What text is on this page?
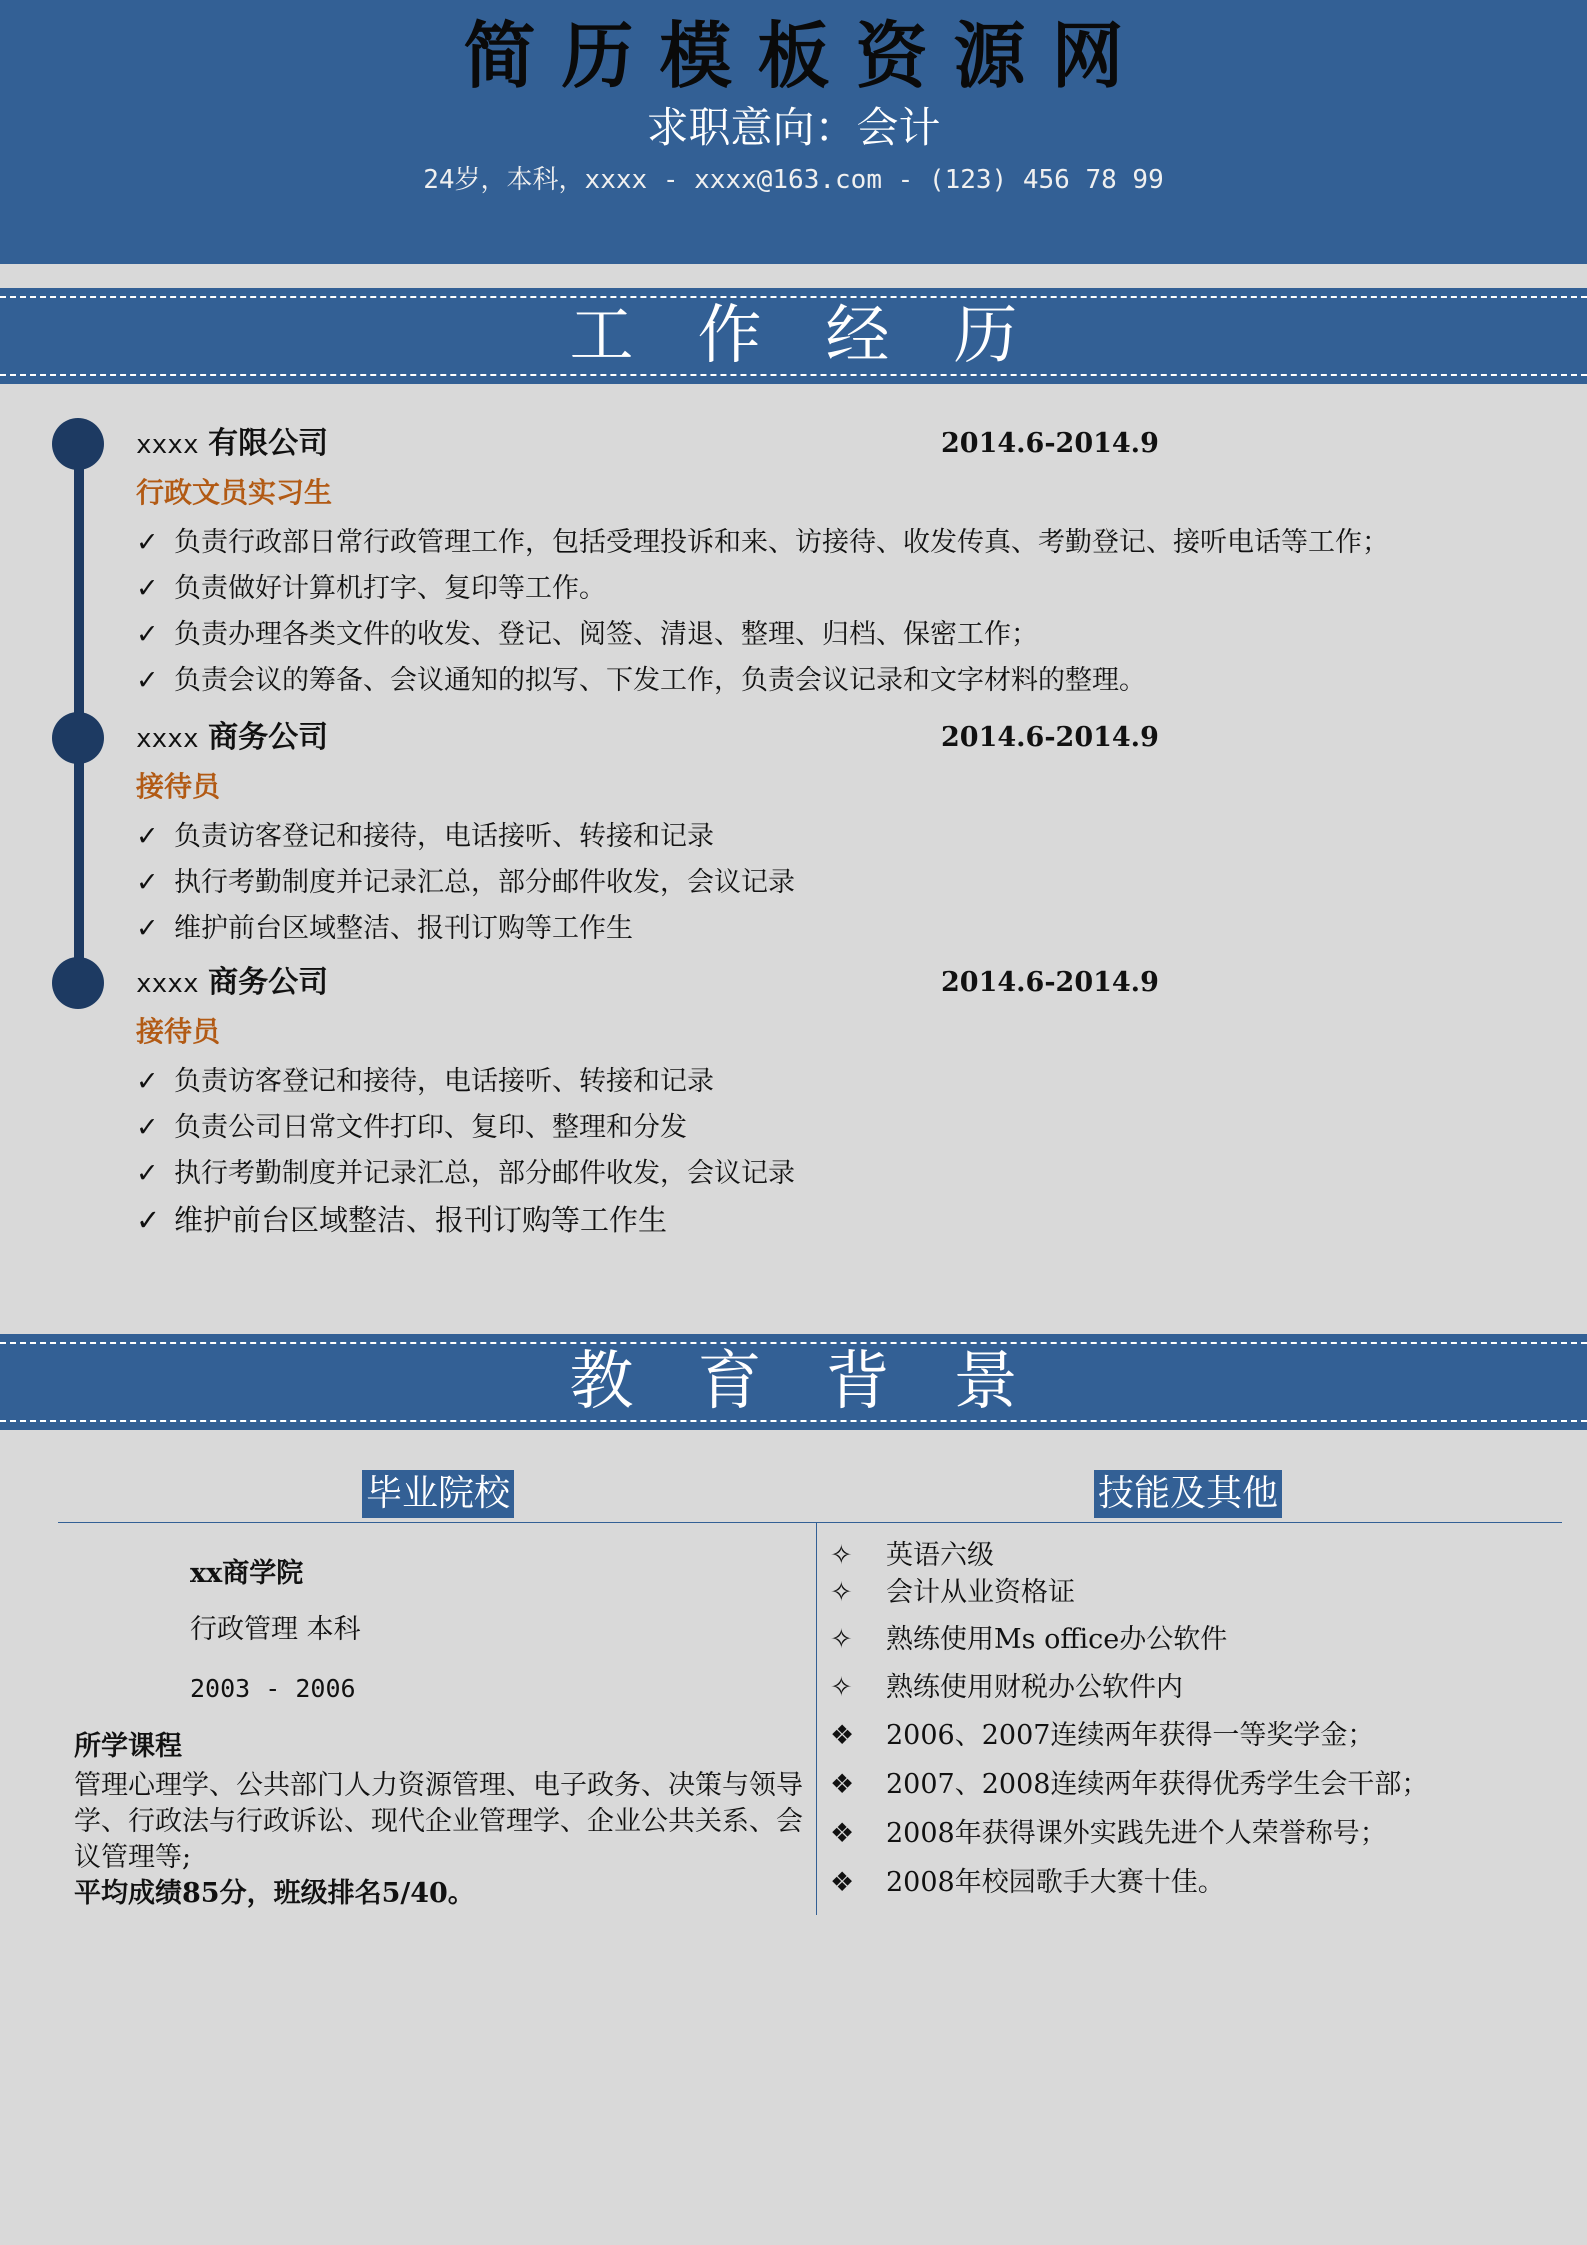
简历模板资源网
求职意向：会计
24岁，本科，xxxx - xxxx@163.com - (123) 456 78 99
工作经历
xxxx 有限公司	2014.6-2014.9
行政文员实习生
✓ 负责行政部日常行政管理工作，包括受理投诉和来、访接待、收发传真、考勤登记、接听电话等工作；
✓ 负责做好计算机打字、复印等工作。
✓ 负责办理各类文件的收发、登记、阅签、清退、整理、归档、保密工作；
✓ 负责会议的筹备、会议通知的拟写、下发工作，负责会议记录和文字材料的整理。
xxxx 商务公司	2014.6-2014.9
接待员
✓ 负责访客登记和接待，电话接听、转接和记录
✓ 执行考勤制度并记录汇总，部分邮件收发，会议记录
✓ 维护前台区域整洁、报刊订购等工作生
xxxx 商务公司	2014.6-2014.9
接待员
✓ 负责访客登记和接待，电话接听、转接和记录
✓ 负责公司日常文件打印、复印、整理和分发
✓ 执行考勤制度并记录汇总，部分邮件收发，会议记录
✓ 维护前台区域整洁、报刊订购等工作生
教育背景
毕业院校	技能及其他
xx商学院
行政管理 本科
2003 - 2006
所学课程
管理心理学、公共部门人力资源管理、电子政务、决策与领导学、行政法与行政诉讼、现代企业管理学、企业公共关系、会议管理等;
平均成绩85分，班级排名5/40。
✧ 英语六级
✧ 会计从业资格证
✧ 熟练使用Ms office办公软件
✧ 熟练使用财税办公软件内
❖ 2006、2007连续两年获得一等奖学金；
❖ 2007、2008连续两年获得优秀学生会干部；
❖ 2008年获得课外实践先进个人荣誉称号；
❖ 2008年校园歌手大赛十佳。
